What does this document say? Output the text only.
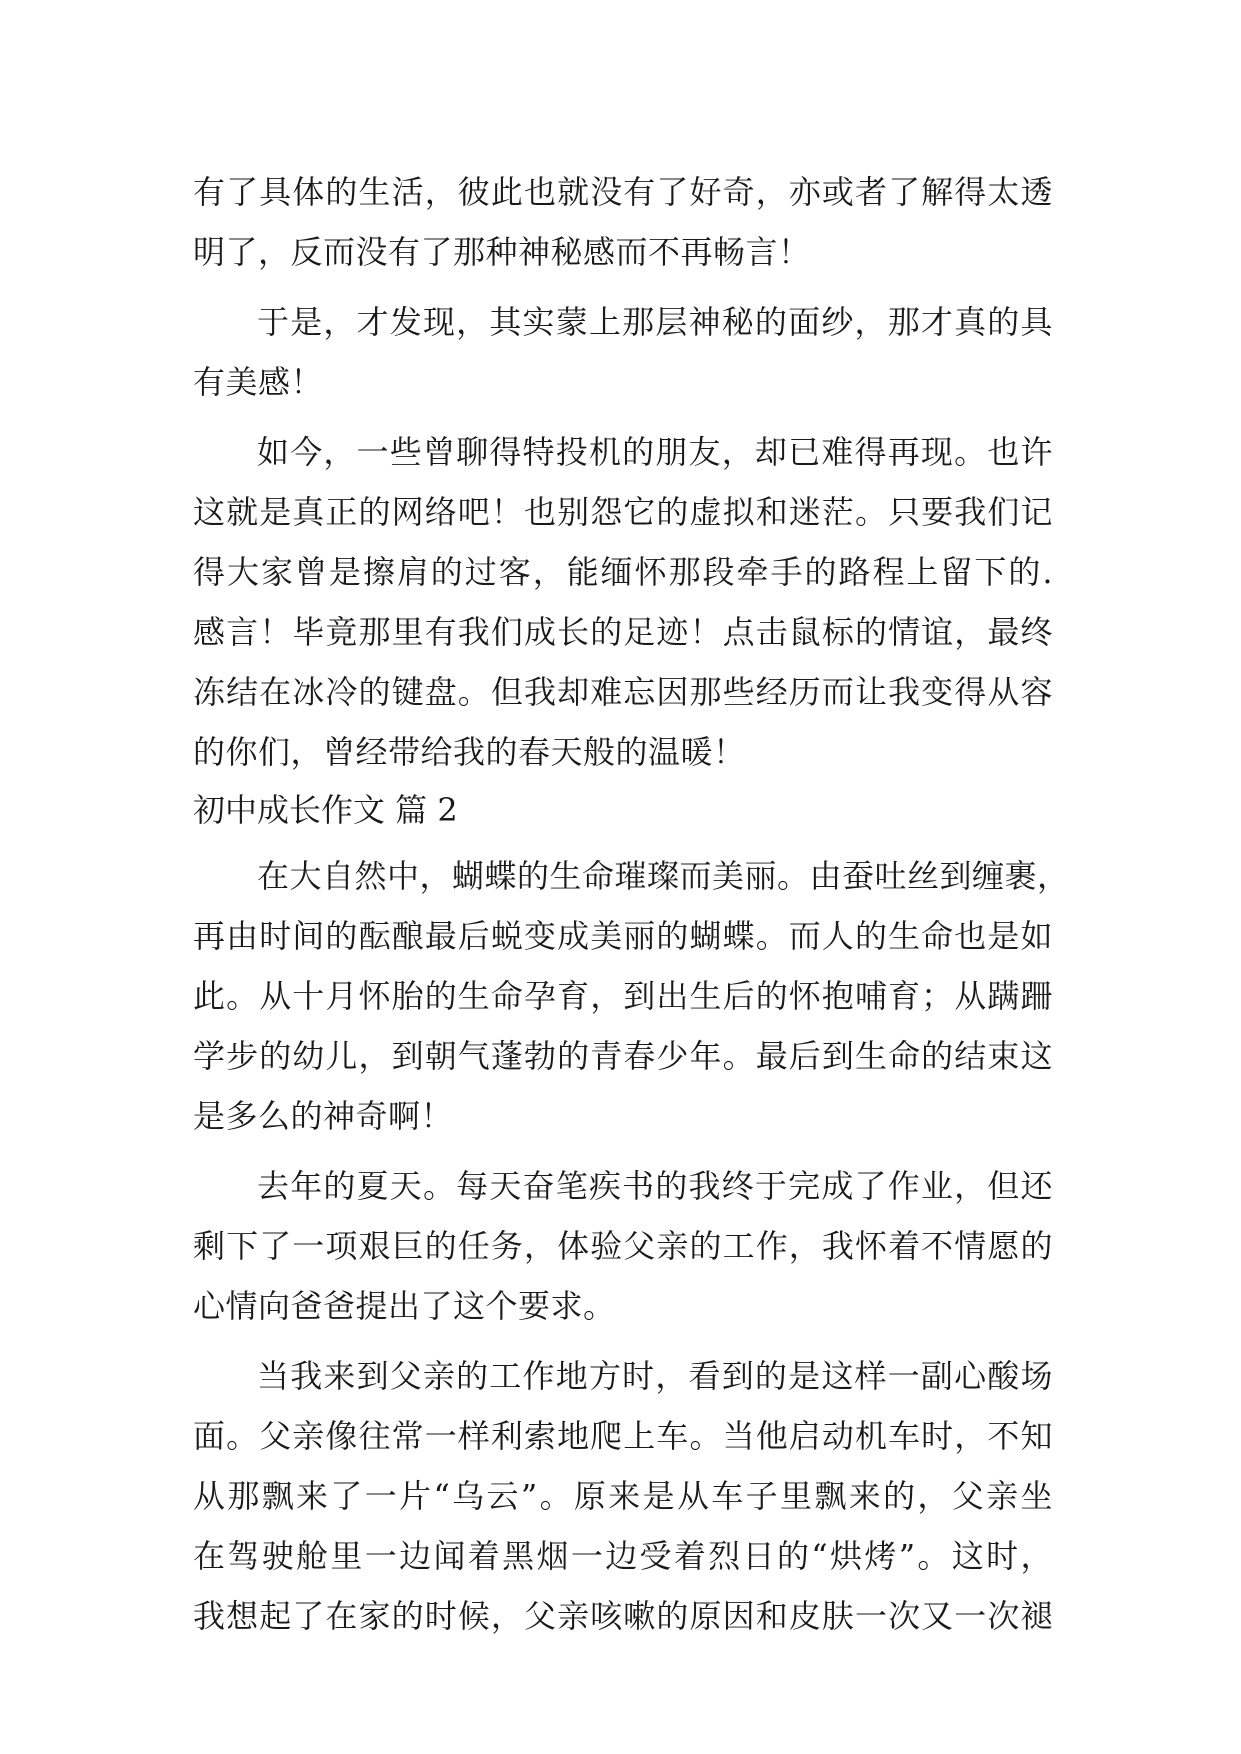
有了具体的生活，彼此也就没有了好奇，亦或者了解得太透
明了，反而没有了那种神秘感而不再畅言！
于是，才发现，其实蒙上那层神秘的面纱，那才真的具
有美感！
如今，一些曾聊得特投机的朋友，却已难得再现。也许
这就是真正的网络吧！也别怨它的虚拟和迷茫。只要我们记
得大家曾是擦肩的过客，能缅怀那段牵手的路程上留下的.
感言！毕竟那里有我们成长的足迹！点击鼠标的情谊，最终
冻结在冰冷的键盘。但我却难忘因那些经历而让我变得从容
的你们，曾经带给我的春天般的温暖！
初中成长作文 篇 2
在大自然中，蝴蝶的生命璀璨而美丽。由蚕吐丝到缠裹，
再由时间的酝酿最后蜕变成美丽的蝴蝶。而人的生命也是如
此。从十月怀胎的生命孕育，到出生后的怀抱哺育；从蹒跚
学步的幼儿，到朝气蓬勃的青春少年。最后到生命的结束这
是多么的神奇啊！
去年的夏天。每天奋笔疾书的我终于完成了作业，但还
剩下了一项艰巨的任务，体验父亲的工作，我怀着不情愿的
心情向爸爸提出了这个要求。
当我来到父亲的工作地方时，看到的是这样一副心酸场
面。父亲像往常一样利索地爬上车。当他启动机车时，不知
从那飘来了一片“乌云”。原来是从车子里飘来的，父亲坐
在驾驶舱里一边闻着黑烟一边受着烈日的“烘烤”。这时，
我想起了在家的时候，父亲咳嗽的原因和皮肤一次又一次褪
